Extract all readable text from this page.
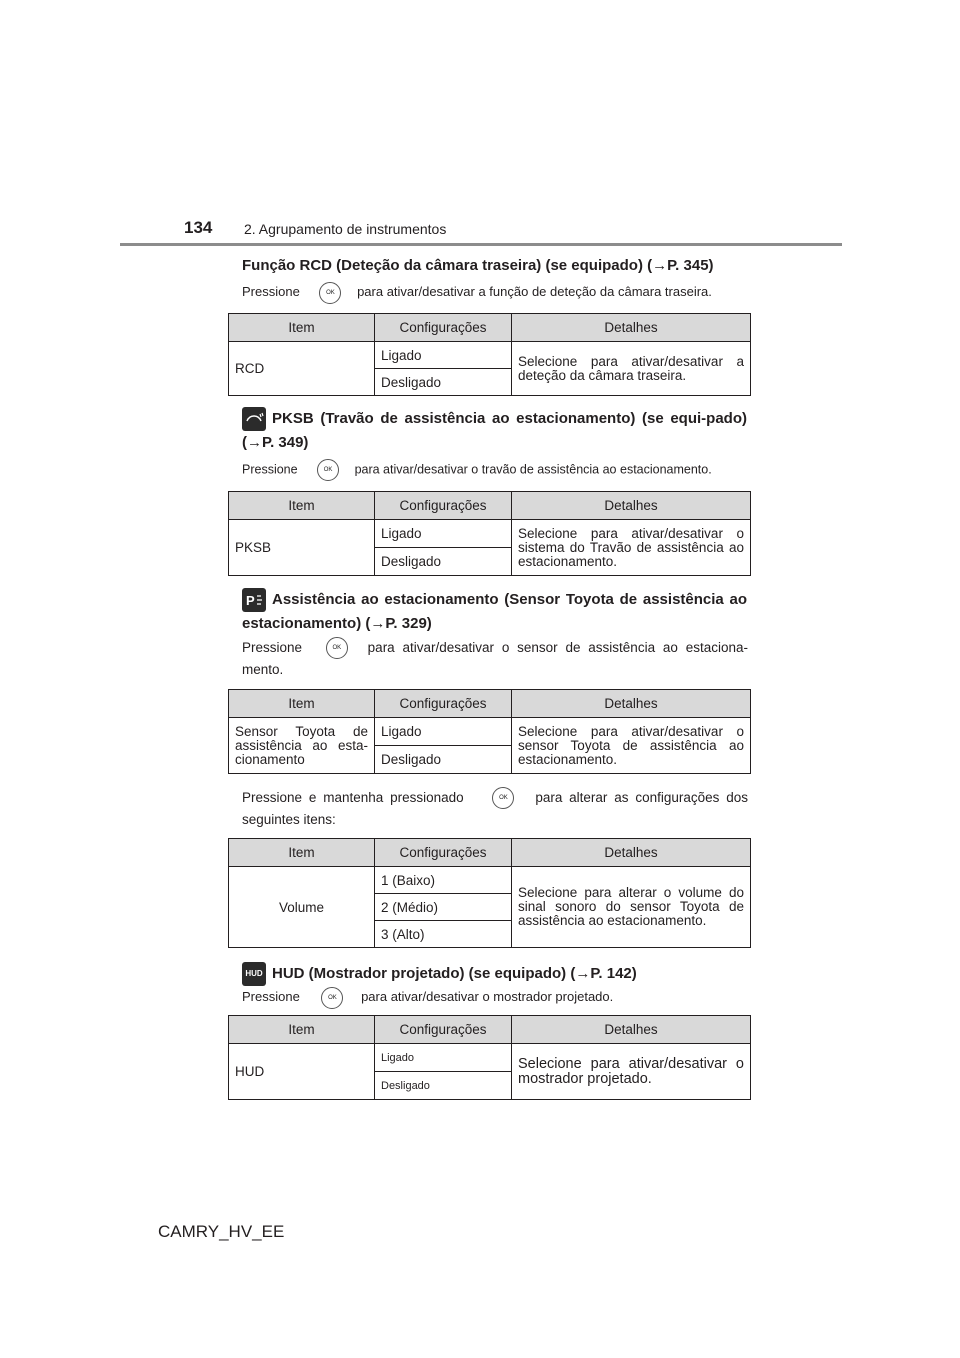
134 2. Agrupamento de instrumentos
Função RCD (Deteção da câmara traseira) (se equipado) (→P. 345)
Pressione	OK para ativar/desativar a função de deteção da câmara traseira.
Item	Configurações	Detalhes
RCD	Ligado	Selecione para ativar/desativar a deteção da câmara traseira.
	Desligado	
PKSB (Travão de assistência ao estacionamento) (se equi-pado) (→P. 349)
Pressione	OK para ativar/desativar o travão de assistência ao estacionamento.
Item	Configurações	Detalhes
PKSB	Ligado	Selecione para ativar/desativar o sistema do Travão de assistência ao estacionamento.
	Desligado	
P Assistência ao estacionamento (Sensor Toyota de assistência ao estacionamento) (→P. 329)
Pressione	OK para ativar/desativar o sensor de assistência ao estaciona-mento.
Item	Configurações	Detalhes
Sensor Toyota de assistência ao esta-cionamento	Ligado	Selecione para ativar/desativar o sensor Toyota de assistência ao estacionamento.
	Desligado	
Pressione e mantenha pressionado	OK para alterar as configurações dos seguintes itens:
Item	Configurações	Detalhes
Volume	1 (Baixo)	Selecione para alterar o volume do sinal sonoro do sensor Toyota de assistência ao estacionamento.
	2 (Médio)	
	3 (Alto)	
HUD HUD (Mostrador projetado) (se equipado) (→P. 142)
Pressione	OK para ativar/desativar o mostrador projetado.
Item	Configurações	Detalhes
HUD	Ligado	Selecione para ativar/desativar o mostrador projetado.
	Desligado	
CAMRY_HV_EE
